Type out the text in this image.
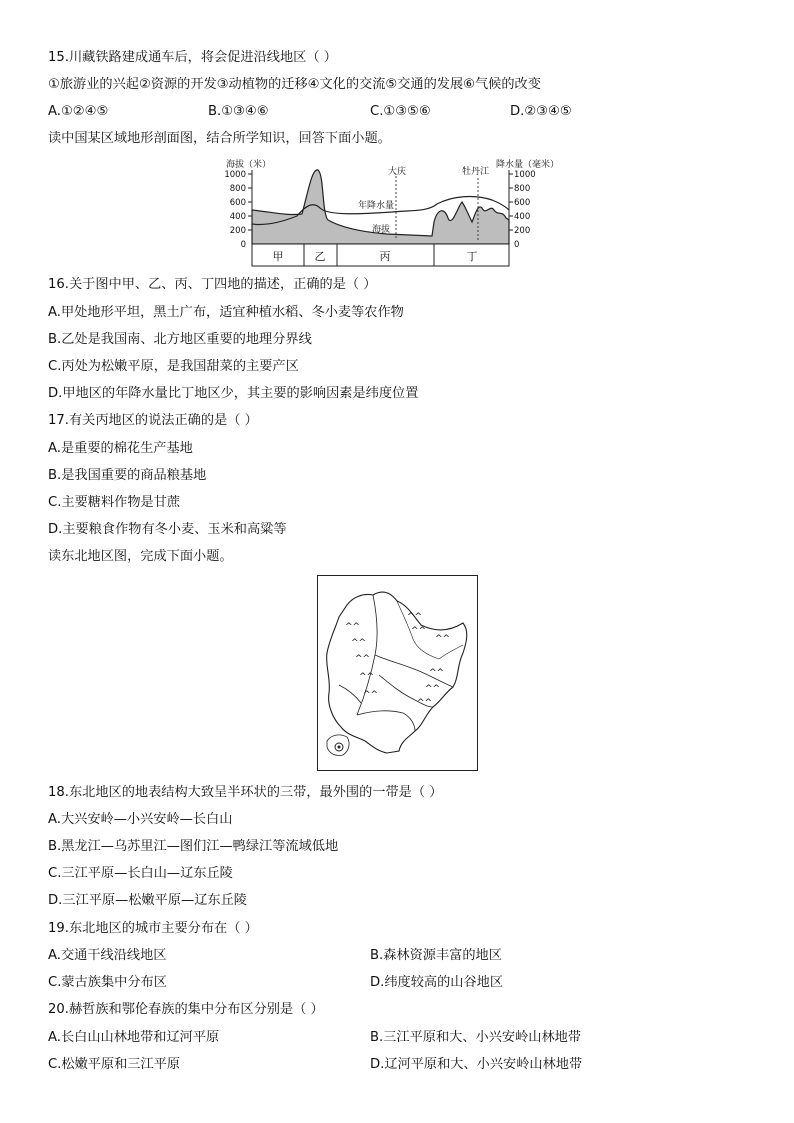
15.川藏铁路建成通车后，将会促进沿线地区（ ）
①旅游业的兴起②资源的开发③动植物的迁移④文化的交流⑤交通的发展⑥气候的改变
A.①②④⑤	B.①③④⑥	C.①③⑤⑥	D.②③④⑤
读中国某区域地形剖面图，结合所学知识，回答下面小题。
海拔（米）	降水量（毫米）
1000
800
600
400
200
0
1000
800
600
400
200
0
大庆	牡丹江
年降水量
海拔
甲	乙	丙	丁
16.关于图中甲、乙、丙、丁四地的描述，正确的是（ ）
A.甲处地形平坦，黑土广布，适宜种植水稻、冬小麦等农作物
B.乙处是我国南、北方地区重要的地理分界线
C.丙处为松嫩平原，是我国甜菜的主要产区
D.甲地区的年降水量比丁地区少，其主要的影响因素是纬度位置
17.有关丙地区的说法正确的是（ ）
A.是重要的棉花生产基地
B.是我国重要的商品粮基地
C.主要糖料作物是甘蔗
D.主要粮食作物有冬小麦、玉米和高粱等
读东北地区图，完成下面小题。
^^
^^
^^
^^
^^
^^
^^
^^
^^
^^
^^
18.东北地区的地表结构大致呈半环状的三带，最外围的一带是（ ）
A.大兴安岭—小兴安岭—长白山
B.黑龙江—乌苏里江—图们江—鸭绿江等流域低地
C.三江平原—长白山—辽东丘陵
D.三江平原—松嫩平原—辽东丘陵
19.东北地区的城市主要分布在（ ）
A.交通干线沿线地区	B.森林资源丰富的地区
C.蒙古族集中分布区	D.纬度较高的山谷地区
20.赫哲族和鄂伦春族的集中分布区分别是（ ）
A.长白山山林地带和辽河平原	B.三江平原和大、小兴安岭山林地带
C.松嫩平原和三江平原	D.辽河平原和大、小兴安岭山林地带
